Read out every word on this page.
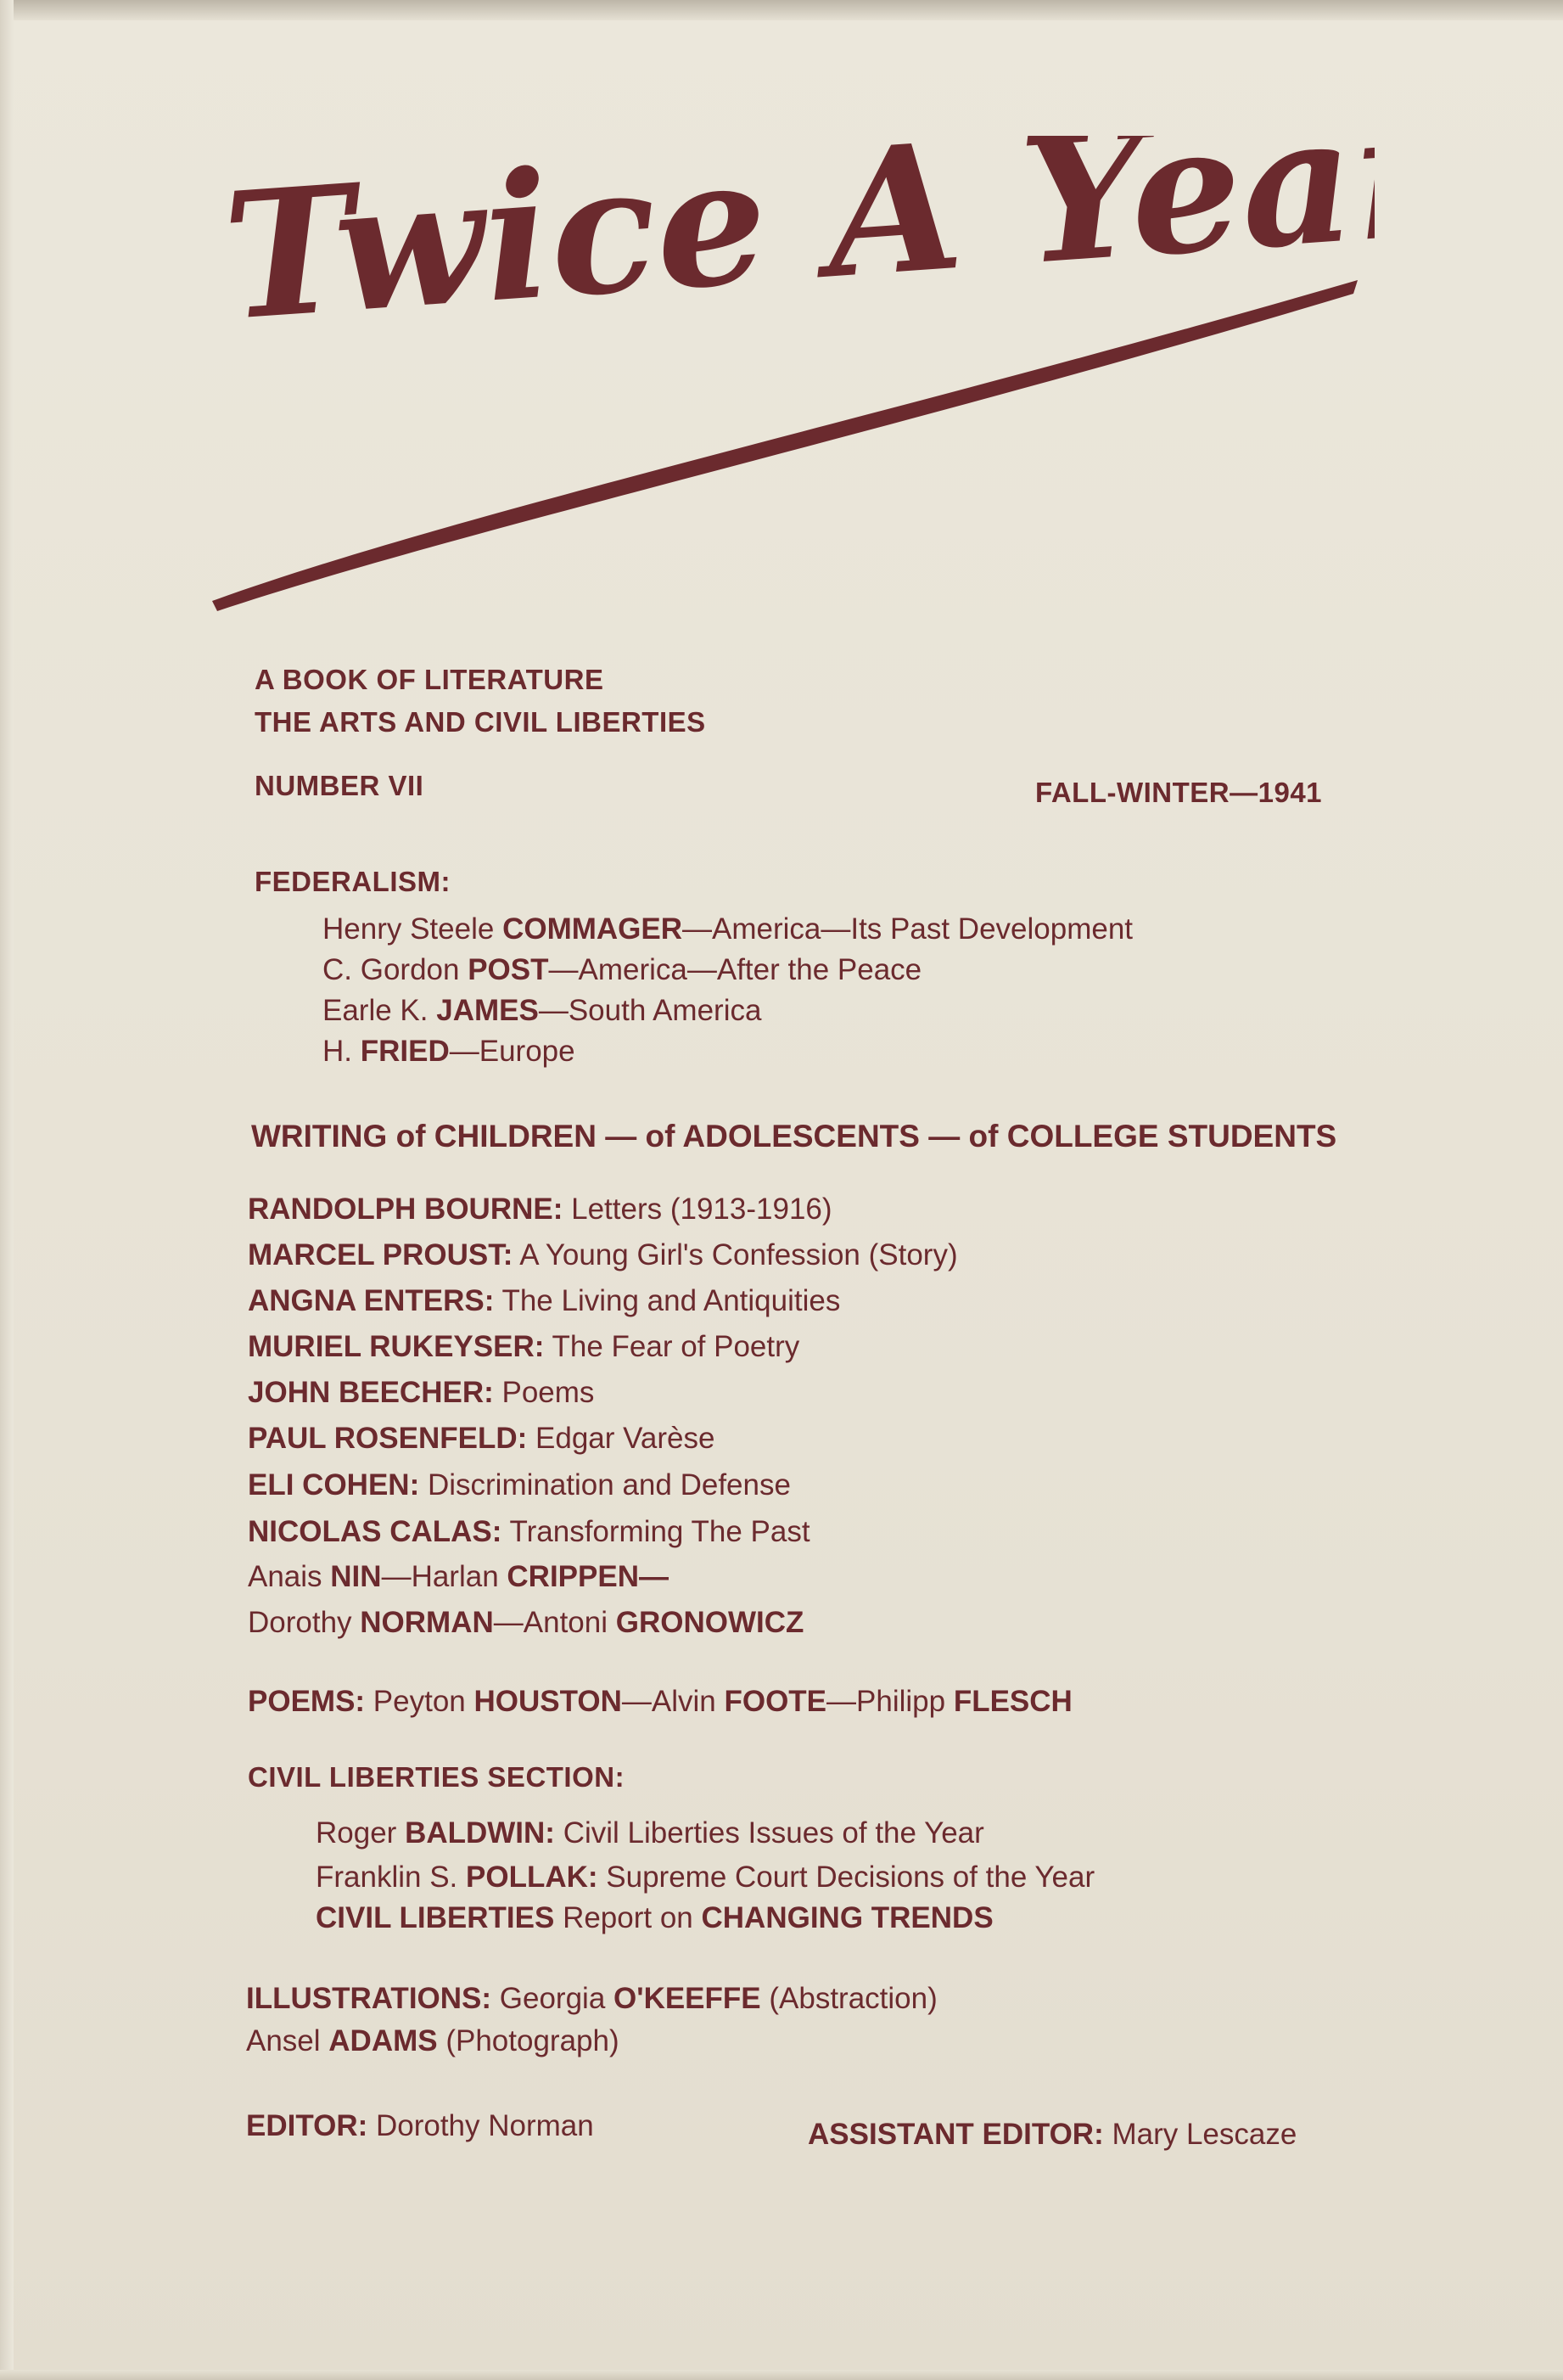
Twice A Year
A BOOK OF LITERATURE
THE ARTS AND CIVIL LIBERTIES
NUMBER VII	FALL-WINTER—1941
FEDERALISM:
Henry Steele COMMAGER—America—Its Past Development
C. Gordon POST—America—After the Peace
Earle K. JAMES—South America
H. FRIED—Europe
WRITING of CHILDREN — of ADOLESCENTS — of COLLEGE STUDENTS
RANDOLPH BOURNE: Letters (1913-1916)
MARCEL PROUST: A Young Girl's Confession (Story)
ANGNA ENTERS: The Living and Antiquities
MURIEL RUKEYSER: The Fear of Poetry
JOHN BEECHER: Poems
PAUL ROSENFELD: Edgar Varèse
ELI COHEN: Discrimination and Defense
NICOLAS CALAS: Transforming The Past
Anais NIN—Harlan CRIPPEN—
Dorothy NORMAN—Antoni GRONOWICZ
POEMS: Peyton HOUSTON—Alvin FOOTE—Philipp FLESCH
CIVIL LIBERTIES SECTION:
Roger BALDWIN: Civil Liberties Issues of the Year
Franklin S. POLLAK: Supreme Court Decisions of the Year
CIVIL LIBERTIES Report on CHANGING TRENDS
ILLUSTRATIONS: Georgia O'KEEFFE (Abstraction)
Ansel ADAMS (Photograph)
EDITOR: Dorothy Norman	ASSISTANT EDITOR: Mary Lescaze
